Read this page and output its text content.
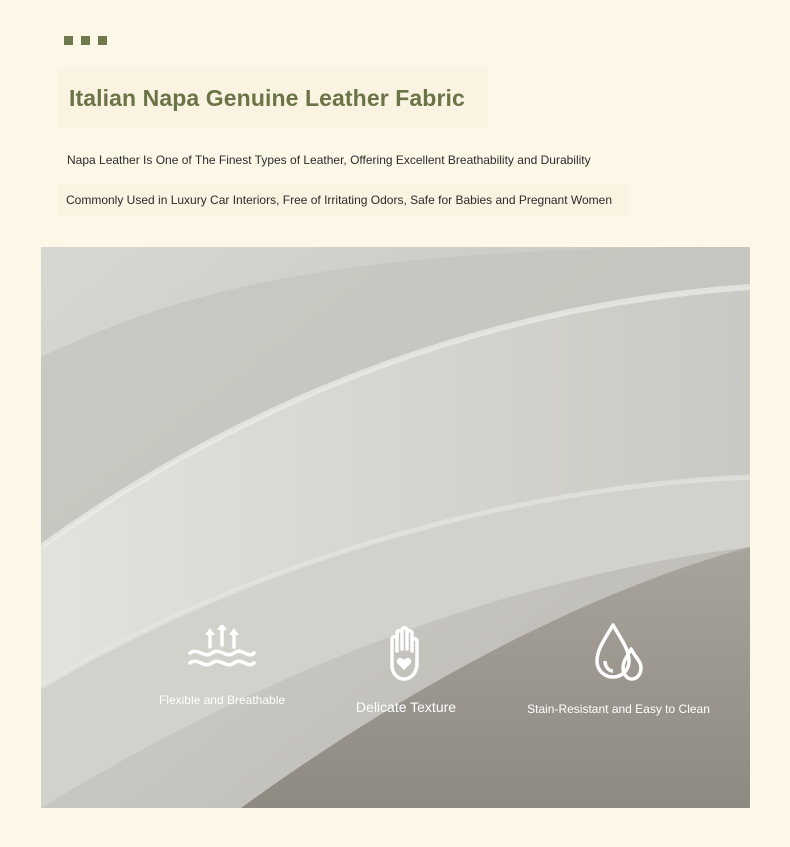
Italian Napa Genuine Leather Fabric
Napa Leather Is One of The Finest Types of Leather, Offering Excellent Breathability and Durability
Commonly Used in Luxury Car Interiors, Free of Irritating Odors, Safe for Babies and Pregnant Women
Flexible and Breathable	Delicate Texture	Stain-Resistant and Easy to Clean
